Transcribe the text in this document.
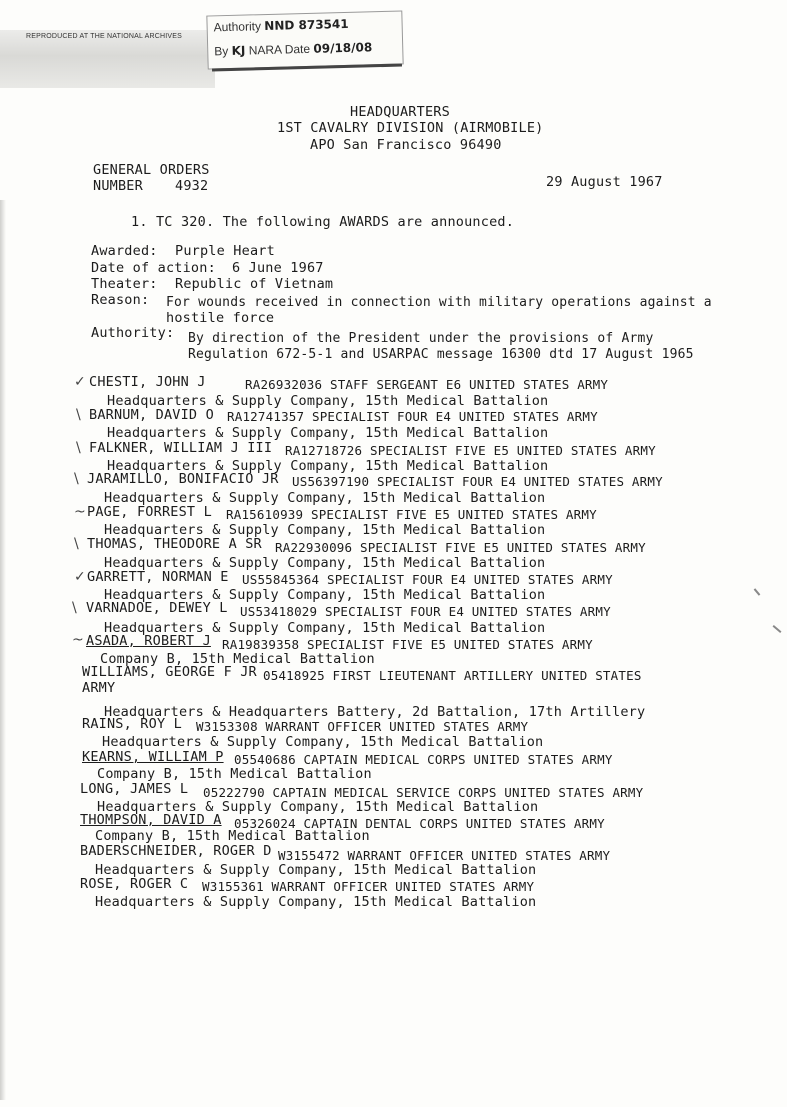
REPRODUCED AT THE NATIONAL ARCHIVES
Authority NND 873541
By KJ NARA Date 09/18/08
HEADQUARTERS
1ST CAVALRY DIVISION (AIRMOBILE)
APO San Francisco 96490
GENERAL ORDERS
NUMBER 4932	29 August 1967
1. TC 320. The following AWARDS are announced.
Awarded: Purple Heart
Date of action: 6 June 1967
Theater: Republic of Vietnam
Reason: For wounds received in connection with military operations against a
hostile force
Authority: By direction of the President under the provisions of Army
Regulation 672-5-1 and USARPAC message 16300 dtd 17 August 1965
✓ CHESTI, JOHN J	RA26932036 STAFF SERGEANT E6 UNITED STATES ARMY
Headquarters & Supply Company, 15th Medical Battalion
\ BARNUM, DAVID O RA12741357 SPECIALIST FOUR E4 UNITED STATES ARMY
Headquarters & Supply Company, 15th Medical Battalion
\ FALKNER, WILLIAM J III RA12718726 SPECIALIST FIVE E5 UNITED STATES ARMY
Headquarters & Supply Company, 15th Medical Battalion
\ JARAMILLO, BONIFACIO JR US56397190 SPECIALIST FOUR E4 UNITED STATES ARMY
Headquarters & Supply Company, 15th Medical Battalion
~ PAGE, FORREST L RA15610939 SPECIALIST FIVE E5 UNITED STATES ARMY
Headquarters & Supply Company, 15th Medical Battalion
\ THOMAS, THEODORE A SR RA22930096 SPECIALIST FIVE E5 UNITED STATES ARMY
Headquarters & Supply Company, 15th Medical Battalion
✓ GARRETT, NORMAN E US55845364 SPECIALIST FOUR E4 UNITED STATES ARMY
Headquarters & Supply Company, 15th Medical Battalion
\ VARNADOE, DEWEY L US53418029 SPECIALIST FOUR E4 UNITED STATES ARMY
Headquarters & Supply Company, 15th Medical Battalion
~ ASADA, ROBERT J RA19839358 SPECIALIST FIVE E5 UNITED STATES ARMY
Company B, 15th Medical Battalion
WILLIAMS, GEORGE F JR 05418925 FIRST LIEUTENANT ARTILLERY UNITED STATES
ARMY
Headquarters & Headquarters Battery, 2d Battalion, 17th Artillery
RAINS, ROY L W3153308 WARRANT OFFICER UNITED STATES ARMY
Headquarters & Supply Company, 15th Medical Battalion
KEARNS, WILLIAM P 05540686 CAPTAIN MEDICAL CORPS UNITED STATES ARMY
Company B, 15th Medical Battalion
LONG, JAMES L 05222790 CAPTAIN MEDICAL SERVICE CORPS UNITED STATES ARMY
Headquarters & Supply Company, 15th Medical Battalion
THOMPSON, DAVID A 05326024 CAPTAIN DENTAL CORPS UNITED STATES ARMY
Company B, 15th Medical Battalion
BADERSCHNEIDER, ROGER D W3155472 WARRANT OFFICER UNITED STATES ARMY
Headquarters & Supply Company, 15th Medical Battalion
ROSE, ROGER C W3155361 WARRANT OFFICER UNITED STATES ARMY
Headquarters & Supply Company, 15th Medical Battalion
